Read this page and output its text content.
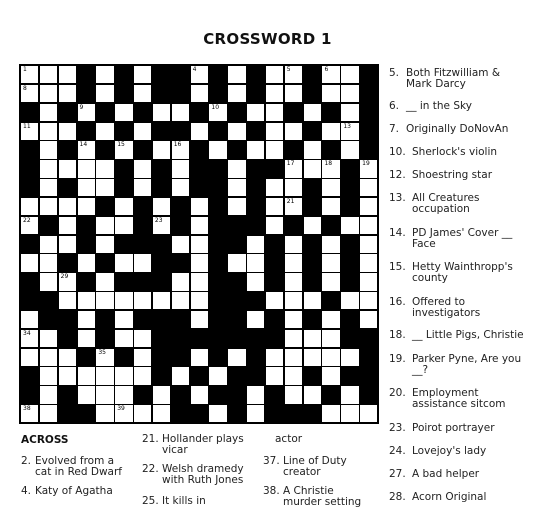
CROSSWORD 1
1	2	3	4	5	6	7
8
9	10
11	12	13
14	15	16
17	18	19
20
21
22	23	24
25	26	27
28
29	30
31	32	33
34
35
36	37
38	39	40
5. Both Fitzwilliam & Mark Darcy
6. __ in the Sky
7. Originally DoNovAn
10. Sherlock's violin
12. Shoestring star
13. All Creatures occupation
14. PD James' Cover __ Face
15. Hetty Wainthropp's county
16. Offered to investigators
18. __ Little Pigs, Christie
19. Parker Pyne, Are you __?
20. Employment assistance sitcom
23. Poirot portrayer
24. Lovejoy's lady
27. A bad helper
28. Acorn Original
ACROSS
2. Evolved from a cat in Red Dwarf
4. Katy of Agatha
21. Hollander plays vicar
22. Welsh dramedy with Ruth Jones
25. It kills in
actor
37. Line of Duty creator
38. A Christie murder setting
